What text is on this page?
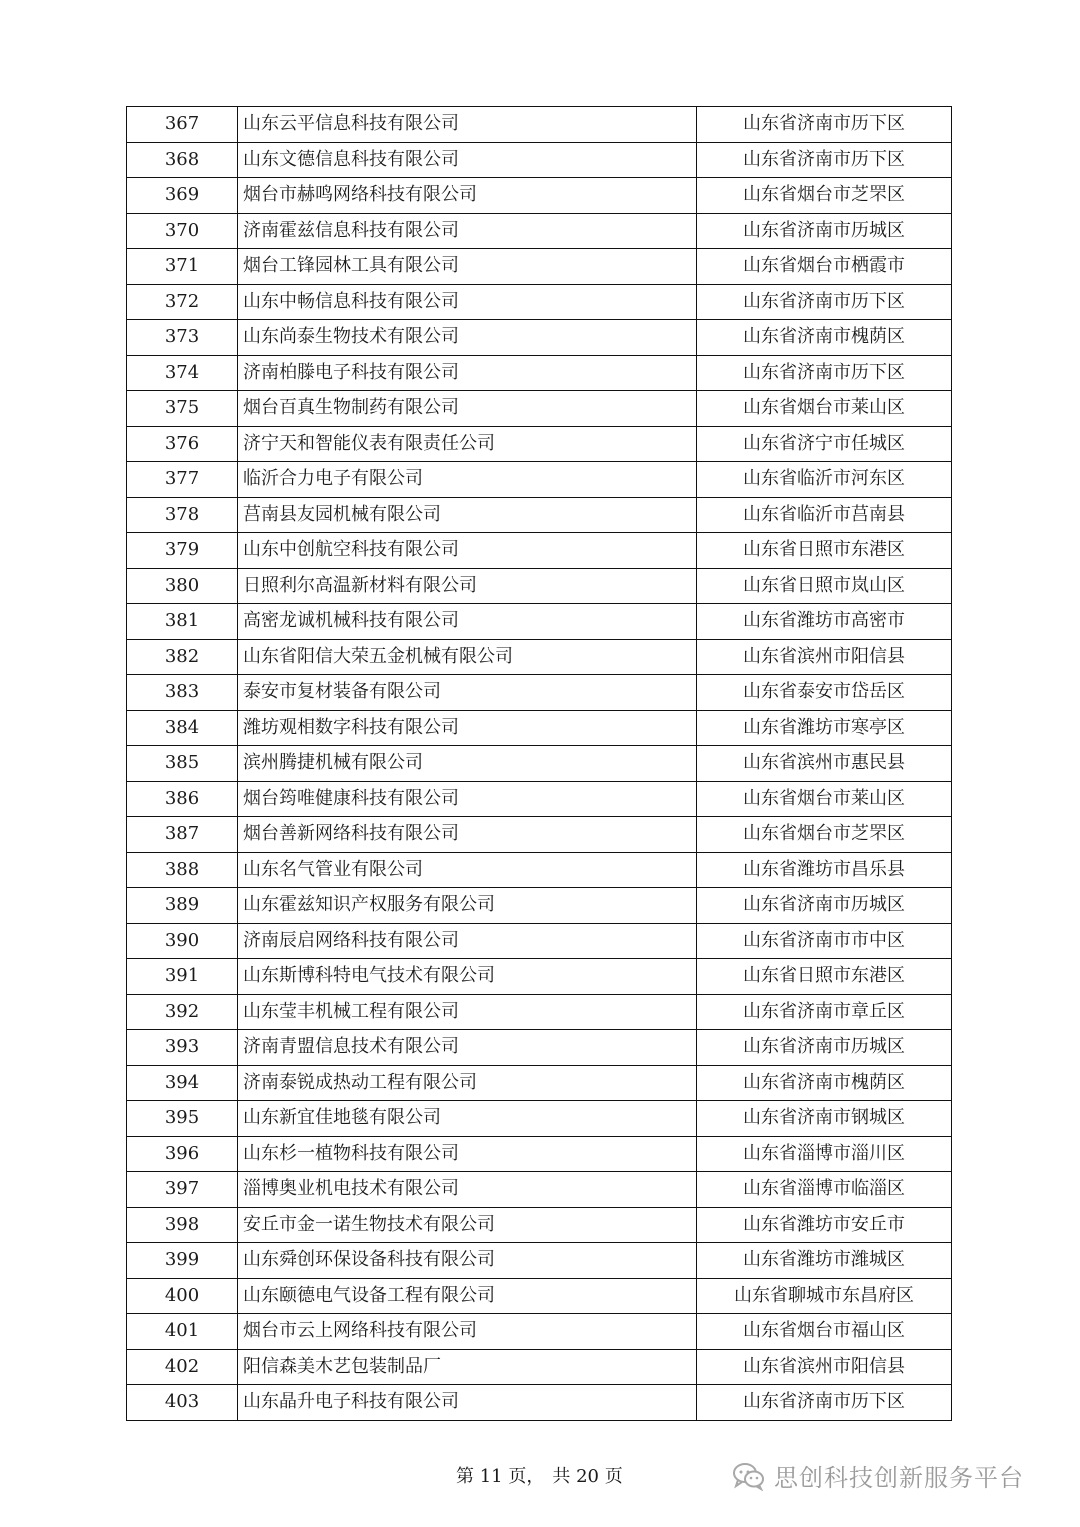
367	山东云平信息科技有限公司	山东省济南市历下区
368	山东文德信息科技有限公司	山东省济南市历下区
369	烟台市赫鸣网络科技有限公司	山东省烟台市芝罘区
370	济南霍兹信息科技有限公司	山东省济南市历城区
371	烟台工锋园林工具有限公司	山东省烟台市栖霞市
372	山东中畅信息科技有限公司	山东省济南市历下区
373	山东尚泰生物技术有限公司	山东省济南市槐荫区
374	济南柏滕电子科技有限公司	山东省济南市历下区
375	烟台百真生物制药有限公司	山东省烟台市莱山区
376	济宁天和智能仪表有限责任公司	山东省济宁市任城区
377	临沂合力电子有限公司	山东省临沂市河东区
378	莒南县友园机械有限公司	山东省临沂市莒南县
379	山东中创航空科技有限公司	山东省日照市东港区
380	日照利尔高温新材料有限公司	山东省日照市岚山区
381	高密龙诚机械科技有限公司	山东省潍坊市高密市
382	山东省阳信大荣五金机械有限公司	山东省滨州市阳信县
383	泰安市复材装备有限公司	山东省泰安市岱岳区
384	潍坊观相数字科技有限公司	山东省潍坊市寒亭区
385	滨州腾捷机械有限公司	山东省滨州市惠民县
386	烟台筠唯健康科技有限公司	山东省烟台市莱山区
387	烟台善新网络科技有限公司	山东省烟台市芝罘区
388	山东名气管业有限公司	山东省潍坊市昌乐县
389	山东霍兹知识产权服务有限公司	山东省济南市历城区
390	济南辰启网络科技有限公司	山东省济南市市中区
391	山东斯博科特电气技术有限公司	山东省日照市东港区
392	山东莹丰机械工程有限公司	山东省济南市章丘区
393	济南青盟信息技术有限公司	山东省济南市历城区
394	济南泰锐成热动工程有限公司	山东省济南市槐荫区
395	山东新宜佳地毯有限公司	山东省济南市钢城区
396	山东杉一植物科技有限公司	山东省淄博市淄川区
397	淄博奥业机电技术有限公司	山东省淄博市临淄区
398	安丘市金一诺生物技术有限公司	山东省潍坊市安丘市
399	山东舜创环保设备科技有限公司	山东省潍坊市潍城区
400	山东颐德电气设备工程有限公司	山东省聊城市东昌府区
401	烟台市云上网络科技有限公司	山东省烟台市福山区
402	阳信森美木艺包装制品厂	山东省滨州市阳信县
403	山东晶升电子科技有限公司	山东省济南市历下区
第 11 页， 共 20 页	思创科技创新服务平台
